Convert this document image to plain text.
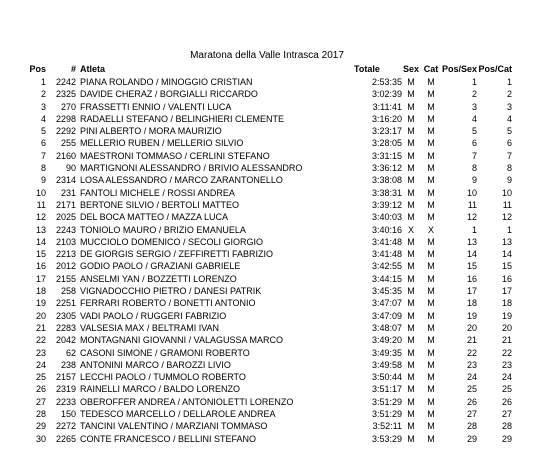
Maratona della Valle Intrasca 2017
Pos	#	Atleta	Totale	Sex	Cat	Pos/Sex	Pos/Cat
1	2242	PIANA ROLANDO / MINOGGIO CRISTIAN	2:53:35	M	M	1	1
2	2325	DAVIDE CHERAZ / BORGIALLI RICCARDO	3:02:39	M	M	2	2
3	270	FRASSETTI ENNIO / VALENTI LUCA	3:11:41	M	M	3	3
4	2298	RADAELLI STEFANO / BELINGHIERI CLEMENTE	3:16:20	M	M	4	4
5	2292	PINI ALBERTO / MORA MAURIZIO	3:23:17	M	M	5	5
6	255	MELLERIO RUBEN / MELLERIO SILVIO	3:28:05	M	M	6	6
7	2160	MAESTRONI TOMMASO / CERLINI STEFANO	3:31:15	M	M	7	7
8	90	MARTIGNONI ALESSANDRO / BRIVIO ALESSANDRO	3:36:12	M	M	8	8
9	2314	LOSA ALESSANDRO / MARCO ZARANTONELLO	3:38:08	M	M	9	9
10	231	FANTOLI MICHELE / ROSSI ANDREA	3:38:31	M	M	10	10
11	2171	BERTONE SILVIO / BERTOLI MATTEO	3:39:12	M	M	11	11
12	2025	DEL BOCA MATTEO / MAZZA LUCA	3:40:03	M	M	12	12
13	2243	TONIOLO MAURO / BRIZIO EMANUELA	3:40:16	X	X	1	1
14	2103	MUCCIOLO DOMENICO / SECOLI GIORGIO	3:41:48	M	M	13	13
15	2213	DE GIORGIS SERGIO / ZEFFIRETTI FABRIZIO	3:41:48	M	M	14	14
16	2012	GODIO PAOLO / GRAZIANI GABRIELE	3:42:55	M	M	15	15
17	2155	ANSELMI YAN / BOZZETTI LORENZO	3:44:15	M	M	16	16
18	258	VIGNADOCCHIO PIETRO / DANESI PATRIK	3:45:35	M	M	17	17
19	2251	FERRARI ROBERTO / BONETTI ANTONIO	3:47:07	M	M	18	18
20	2305	VADI PAOLO / RUGGERI FABRIZIO	3:47:09	M	M	19	19
21	2283	VALSESIA MAX / BELTRAMI IVAN	3:48:07	M	M	20	20
22	2042	MONTAGNANI GIOVANNI / VALAGUSSA MARCO	3:49:20	M	M	21	21
23	62	CASONI SIMONE / GRAMONI ROBERTO	3:49:35	M	M	22	22
24	238	ANTONINI MARCO / BAROZZI LIVIO	3:49:58	M	M	23	23
25	2157	LECCHI PAOLO / TUMMOLO ROBERTO	3:50:44	M	M	24	24
26	2319	RAINELLI MARCO / BALDO LORENZO	3:51:17	M	M	25	25
27	2233	OBEROFFER ANDREA / ANTONIOLETTI LORENZO	3:51:29	M	M	26	26
28	150	TEDESCO MARCELLO / DELLAROLE ANDREA	3:51:29	M	M	27	27
29	2272	TANCINI VALENTINO / MARZIANI TOMMASO	3:52:11	M	M	28	28
30	2265	CONTE FRANCESCO / BELLINI STEFANO	3:53:29	M	M	29	29
